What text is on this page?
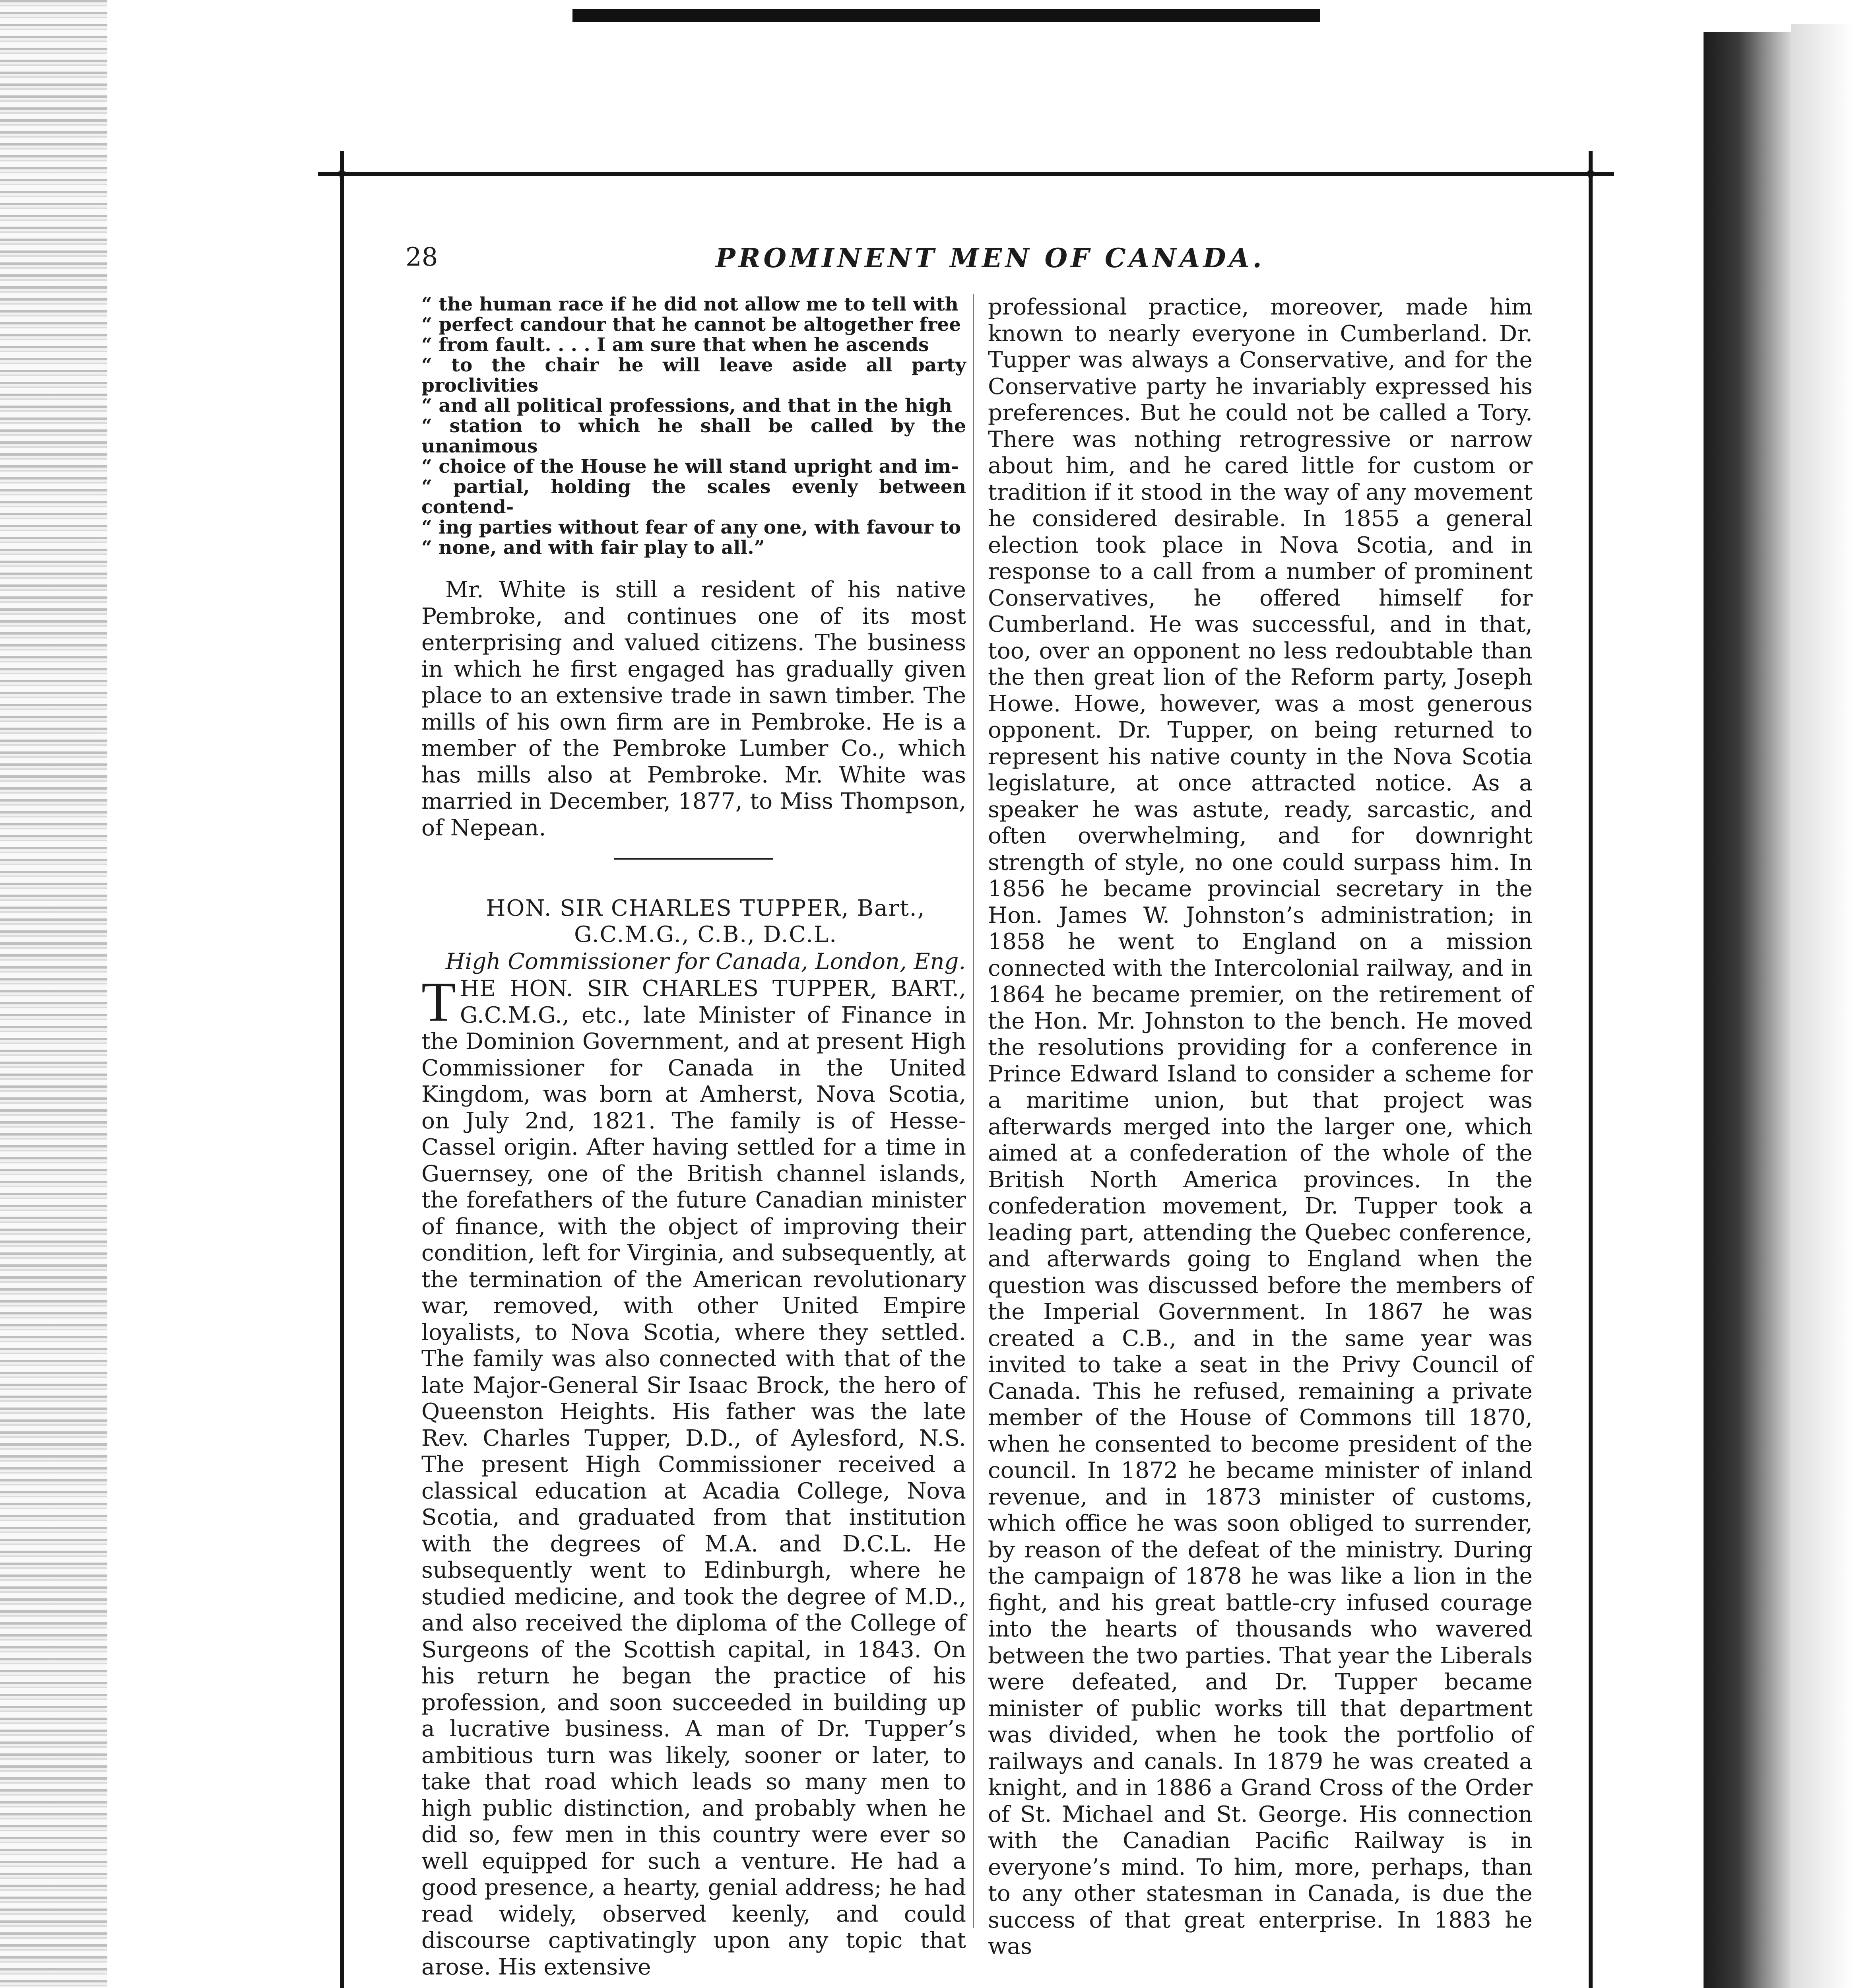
28	PROMINENT MEN OF CANADA.

“ the human race if he did not allow me to tell with

“ perfect candour that he cannot be altogether free

“ from fault. . . . I am sure that when he ascends

“ to the chair he will leave aside all party proclivities

“ and all political professions, and that in the high

“ station to which he shall be called by the unanimous

“ choice of the House he will stand upright and im-

“ partial, holding the scales evenly between contend-

“ ing parties without fear of any one, with favour to

“ none, and with fair play to all.”

Mr. White is still a resident of his native Pembroke, and continues one of its most enterprising and valued citizens. The business in which he first engaged has gradually given place to an extensive trade in sawn timber. The mills of his own firm are in Pembroke. He is a member of the Pembroke Lumber Co., which has mills also at Pembroke. Mr. White was married in December, 1877, to Miss Thompson, of Nepean.

HON. SIR CHARLES TUPPER, Bart.,

G.C.M.G., C.B., D.C.L.

High Commissioner for Canada, London, Eng.

THE HON. SIR CHARLES TUPPER, BART., G.C.M.G., etc., late Minister of Finance in the Dominion Government, and at present High Commissioner for Canada in the United Kingdom, was born at Amherst, Nova Scotia, on July 2nd, 1821. The family is of Hesse-Cassel origin. After having settled for a time in Guernsey, one of the British channel islands, the forefathers of the future Canadian minister of finance, with the object of improving their condition, left for Virginia, and subsequently, at the termination of the American revolutionary war, removed, with other United Empire loyalists, to Nova Scotia, where they settled. The family was also connected with that of the late Major-General Sir Isaac Brock, the hero of Queenston Heights. His father was the late Rev. Charles Tupper, D.D., of Aylesford, N.S. The present High Commissioner received a classical education at Acadia College, Nova Scotia, and graduated from that institution with the degrees of M.A. and D.C.L. He subsequently went to Edinburgh, where he studied medicine, and took the degree of M.D., and also received the diploma of the College of Surgeons of the Scottish capital, in 1843. On his return he began the practice of his profession, and soon succeeded in building up a lucrative business. A man of Dr. Tupper’s ambitious turn was likely, sooner or later, to take that road which leads so many men to high public distinction, and probably when he did so, few men in this country were ever so well equipped for such a venture. He had a good presence, a hearty, genial address; he had read widely, observed keenly, and could discourse captivatingly upon any topic that arose. His extensive

professional practice, moreover, made him known to nearly everyone in Cumberland. Dr. Tupper was always a Conservative, and for the Conservative party he invariably expressed his preferences. But he could not be called a Tory. There was nothing retrogressive or narrow about him, and he cared little for custom or tradition if it stood in the way of any movement he considered desirable. In 1855 a general election took place in Nova Scotia, and in response to a call from a number of prominent Conservatives, he offered himself for Cumberland. He was successful, and in that, too, over an opponent no less redoubtable than the then great lion of the Reform party, Joseph Howe. Howe, however, was a most generous opponent. Dr. Tupper, on being returned to represent his native county in the Nova Scotia legislature, at once attracted notice. As a speaker he was astute, ready, sarcastic, and often overwhelming, and for downright strength of style, no one could surpass him. In 1856 he became provincial secretary in the Hon. James W. Johnston’s administration; in 1858 he went to England on a mission connected with the Intercolonial railway, and in 1864 he became premier, on the retirement of the Hon. Mr. Johnston to the bench. He moved the resolutions providing for a conference in Prince Edward Island to consider a scheme for a maritime union, but that project was afterwards merged into the larger one, which aimed at a confederation of the whole of the British North America provinces. In the confederation movement, Dr. Tupper took a leading part, attending the Quebec conference, and afterwards going to England when the question was discussed before the members of the Imperial Government. In 1867 he was created a C.B., and in the same year was invited to take a seat in the Privy Council of Canada. This he refused, remaining a private member of the House of Commons till 1870, when he consented to become president of the council. In 1872 he became minister of inland revenue, and in 1873 minister of customs, which office he was soon obliged to surrender, by reason of the defeat of the ministry. During the campaign of 1878 he was like a lion in the fight, and his great battle-cry infused courage into the hearts of thousands who wavered between the two parties. That year the Liberals were defeated, and Dr. Tupper became minister of public works till that department was divided, when he took the portfolio of railways and canals. In 1879 he was created a knight, and in 1886 a Grand Cross of the Order of St. Michael and St. George. His connection with the Canadian Pacific Railway is in everyone’s mind. To him, more, perhaps, than to any other statesman in Canada, is due the success of that great enterprise. In 1883 he was
